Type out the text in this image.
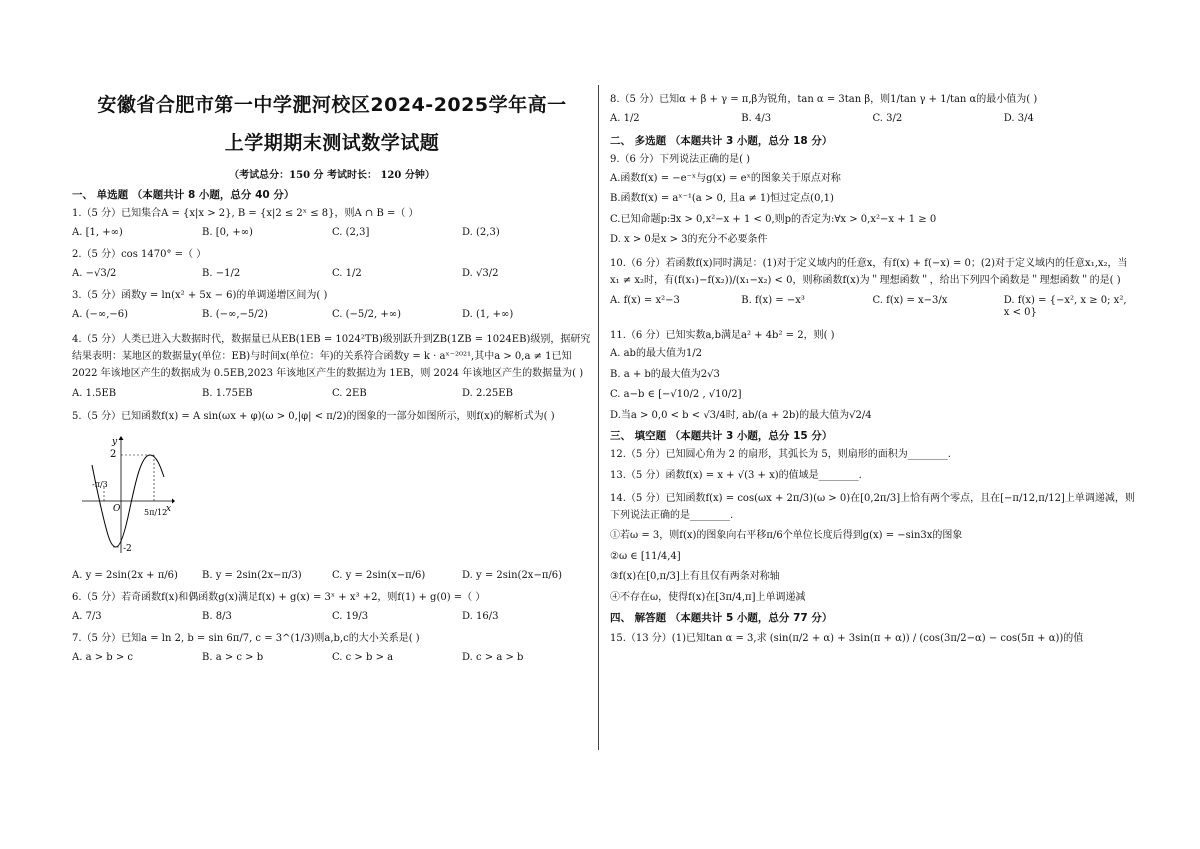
安徽省合肥市第一中学淝河校区2024-2025学年高一
上学期期末测试数学试题
（考试总分：150 分 考试时长： 120 分钟）
一、 单选题 （本题共计 8 小题，总分 40 分）
1.（5 分）已知集合A = {x|x > 2}, B = {x|2 ≤ 2ˣ ≤ 8}，则A ∩ B =（ ）
A. [1, +∞)	B. [0, +∞)	C. (2,3]	D. (2,3)
2.（5 分）cos 1470° =（ ）
A. −√3/2	B. −1/2	C. 1/2	D. √3/2
3.（5 分）函数y = ln(x² + 5x − 6)的单调递增区间为( )
A. (−∞,−6)	B. (−∞,−5/2)	C. (−5/2, +∞)	D. (1, +∞)
4.（5 分）人类已进入大数据时代，数据量已从EB(1EB = 1024²TB)级别跃升到ZB(1ZB = 1024EB)级别，据研究结果表明：某地区的数据量y(单位：EB)与时间x(单位：年)的关系符合函数y = k · aˣ⁻²⁰²¹,其中a > 0,a ≠ 1已知 2022 年该地区产生的数据成为 0.5EB,2023 年该地区产生的数据边为 1EB，则 2024 年该地区产生的数据量为( )
A. 1.5EB	B. 1.75EB	C. 2EB	D. 2.25EB
5.（5 分）已知函数f(x) = A sin(ωx + φ)(ω > 0,|φ| < π/2)的图象的一部分如图所示，则f(x)的解析式为( )
2
-2
-π/3
5π/12
x
y
O
A. y = 2sin(2x + π/6)	B. y = 2sin(2x−π/3)	C. y = 2sin(x−π/6)	D. y = 2sin(2x−π/6)
6.（5 分）若奇函数f(x)和偶函数g(x)满足f(x) + g(x) = 3ˣ + x³ +2，则f(1) + g(0) =（ ）
A. 7/3	B. 8/3	C. 19/3	D. 16/3
7.（5 分）已知a = ln 2, b = sin 6π/7, c = 3^(1/3)则a,b,c的大小关系是( )
A. a > b > c	B. a > c > b	C. c > b > a	D. c > a > b
8.（5 分）已知α + β + γ = π,β为锐角，tan α = 3tan β，则1/tan γ + 1/tan α的最小值为( )
A. 1/2	B. 4/3	C. 3/2	D. 3/4
二、 多选题 （本题共计 3 小题，总分 18 分）
9.（6 分）下列说法正确的是( )
A.函数f(x) = −e⁻ˣ与g(x) = eˣ的图象关于原点对称
B.函数f(x) = aˣ⁻¹(a > 0, 且a ≠ 1)恒过定点(0,1)
C.已知命题p:∃x > 0,x²−x + 1 < 0,则p的否定为:∀x > 0,x²−x + 1 ≥ 0
D. x > 0是x > 3的充分不必要条件
10.（6 分）若函数f(x)同时满足：(1)对于定义域内的任意x，有f(x) + f(−x) = 0；(2)对于定义域内的任意x₁,x₂，当x₁ ≠ x₂时，有(f(x₁)−f(x₂))/(x₁−x₂) < 0，则称函数f(x)为＂理想函数＂，给出下列四个函数是＂理想函数＂的是( )
A. f(x) = x²−3	B. f(x) = −x³	C. f(x) = x−3/x	D. f(x) = {−x², x ≥ 0; x², x < 0}
11.（6 分）已知实数a,b满足a² + 4b² = 2，则( )
A. ab的最大值为1/2
B. a + b的最大值为2√3
C. a−b ∈ [−√10/2 , √10/2]
D.当a > 0,0 < b < √3/4时, ab/(a + 2b)的最大值为√2/4
三、 填空题 （本题共计 3 小题，总分 15 分）
12.（5 分）已知圆心角为 2 的扇形，其弧长为 5，则扇形的面积为________.
13.（5 分）函数f(x) = x + √(3 + x)的值域是________.
14.（5 分）已知函数f(x) = cos(ωx + 2π/3)(ω > 0)在[0,2π/3]上恰有两个零点，且在[−π/12,π/12]上单调递减，则下列说法正确的是________.
①若ω = 3，则f(x)的图象向右平移π/6个单位长度后得到g(x) = −sin3x的图象
②ω ∈ [11/4,4]
③f(x)在[0,π/3]上有且仅有两条对称轴
④不存在ω，使得f(x)在[3π/4,π]上单调递减
四、 解答题 （本题共计 5 小题，总分 77 分）
15.（13 分）(1)已知tan α = 3,求 (sin(π/2 + α) + 3sin(π + α)) / (cos(3π/2−α) − cos(5π + α))的值
